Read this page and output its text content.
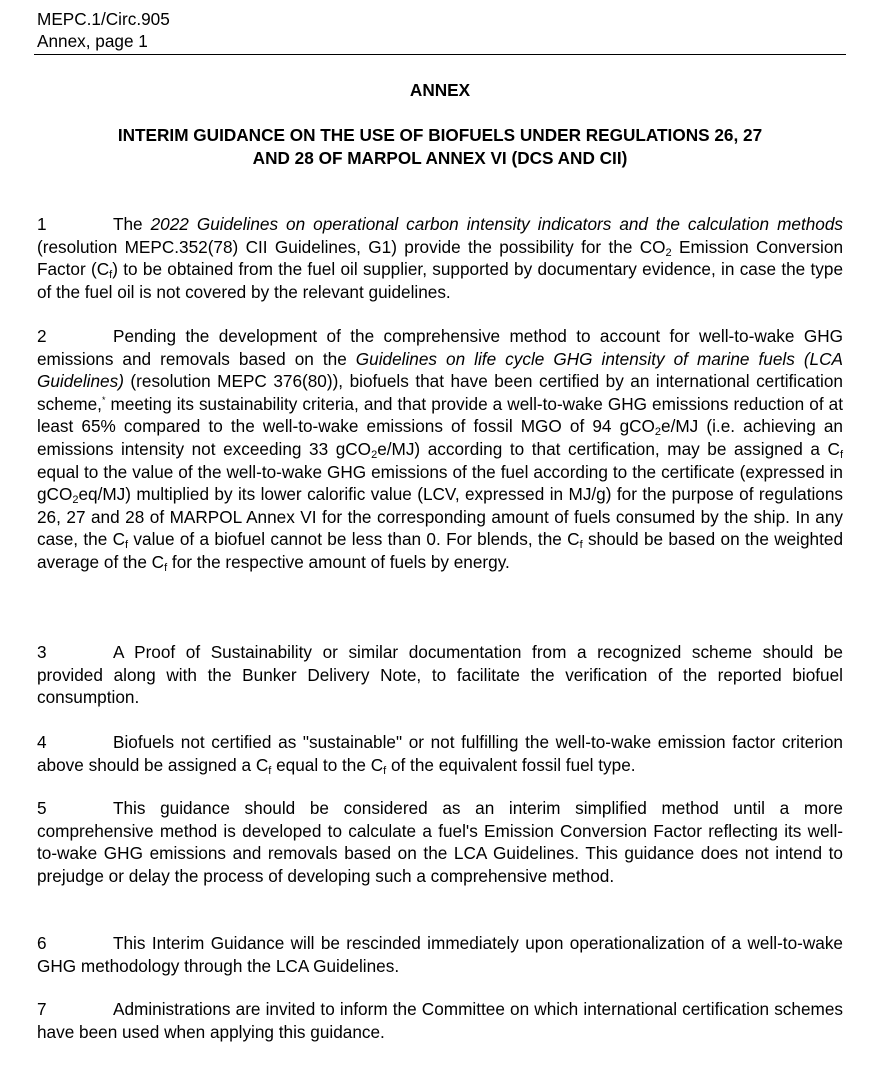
MEPC.1/Circ.905
Annex, page 1
ANNEX
INTERIM GUIDANCE ON THE USE OF BIOFUELS UNDER REGULATIONS 26, 27
AND 28 OF MARPOL ANNEX VI (DCS AND CII)
1	The 2022 Guidelines on operational carbon intensity indicators and the calculation methods (resolution MEPC.352(78) CII Guidelines, G1) provide the possibility for the $CO_2$ Emission Conversion Factor $(C_f)$ to be obtained from the fuel oil supplier, supported by documentary evidence, in case the type of the fuel oil is not covered by the relevant guidelines.
2	Pending the development of the comprehensive method to account for well-to-wake GHG emissions and removals based on the Guidelines on life cycle GHG intensity of marine fuels (LCA Guidelines) (resolution MEPC 376(80)), biofuels that have been certified by an international certification scheme,* meeting its sustainability criteria, and that provide a well-to-wake GHG emissions reduction of at least 65% compared to the well-to-wake emissions of fossil MGO of 94 gCO$_2$e/MJ (i.e. achieving an emissions intensity not exceeding 33 gCO$_2$e/MJ) according to that certification, may be assigned a $C_f$ equal to the value of the well-to-wake GHG emissions of the fuel according to the certificate (expressed in gCO$_2$eq/MJ) multiplied by its lower calorific value (LCV, expressed in MJ/g) for the purpose of regulations 26, 27 and 28 of MARPOL Annex VI for the corresponding amount of fuels consumed by the ship. In any case, the $C_f$ value of a biofuel cannot be less than 0. For blends, the $C_f$ should be based on the weighted average of the $C_f$ for the respective amount of fuels by energy.
3	A Proof of Sustainability or similar documentation from a recognized scheme should be provided along with the Bunker Delivery Note, to facilitate the verification of the reported biofuel consumption.
4	Biofuels not certified as "sustainable" or not fulfilling the well-to-wake emission factor criterion above should be assigned a $C_f$ equal to the $C_f$ of the equivalent fossil fuel type.
5	This guidance should be considered as an interim simplified method until a more comprehensive method is developed to calculate a fuel's Emission Conversion Factor reflecting its well-to-wake GHG emissions and removals based on the LCA Guidelines. This guidance does not intend to prejudge or delay the process of developing such a comprehensive method.
6	This Interim Guidance will be rescinded immediately upon operationalization of a well-to-wake GHG methodology through the LCA Guidelines.
7	Administrations are invited to inform the Committee on which international certification schemes have been used when applying this guidance.
